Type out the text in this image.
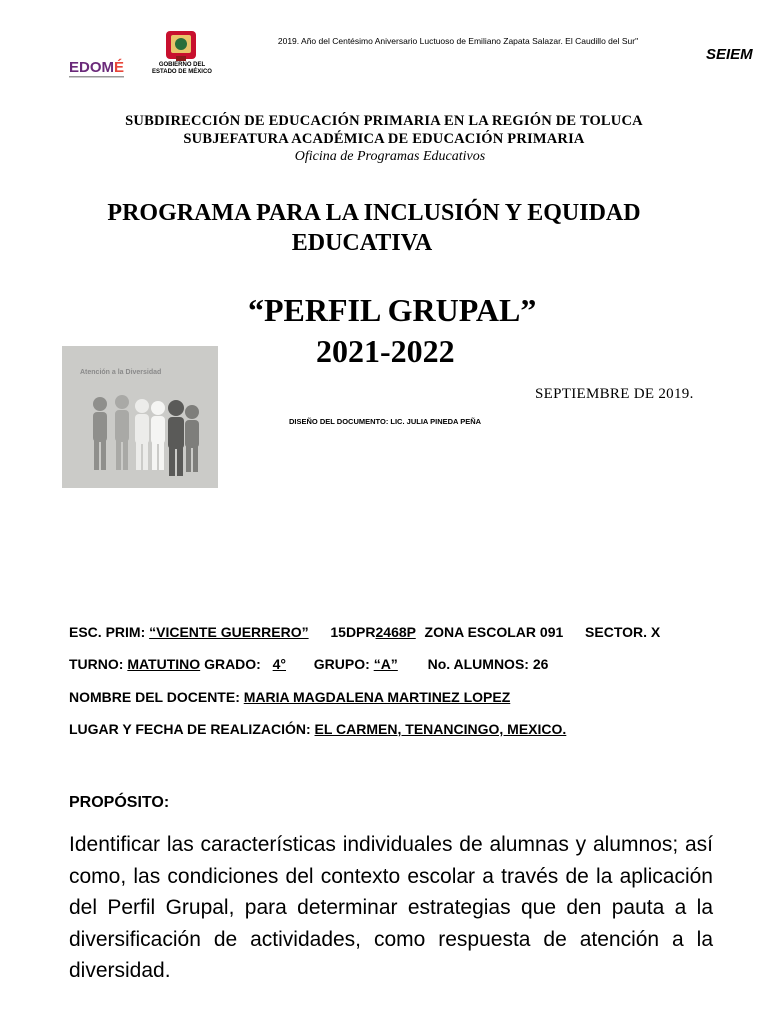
EDOM É	GOBIERNO DEL
ESTADO DE MÉXICO
2019. Año del Centésimo Aniversario Luctuoso de Emiliano Zapata Salazar. El Caudillo del Sur"
SEIEM
SUBDIRECCIÓN DE EDUCACIÓN PRIMARIA EN LA REGIÓN DE TOLUCA
SUBJEFATURA ACADÉMICA DE EDUCACIÓN PRIMARIA
Oficina de Programas Educativos
PROGRAMA PARA LA INCLUSIÓN Y EQUIDAD
EDUCATIVA
“PERFIL GRUPAL”
2021-2022
Atención a la Diversidad
SEPTIEMBRE DE 2019.
DISEÑO DEL DOCUMENTO: LIC. JULIA PINEDA PEÑA
ESC. PRIM: “VICENTE GUERRERO” 15DPR2468P ZONA ESCOLAR 091 SECTOR. X
TURNO: MATUTINO GRADO: 4° GRUPO: “A” No. ALUMNOS: 26
NOMBRE DEL DOCENTE: MARIA MAGDALENA MARTINEZ LOPEZ
LUGAR Y FECHA DE REALIZACIÓN: EL CARMEN, TENANCINGO, MEXICO.
PROPÓSITO:
Identificar las características individuales de alumnas y alumnos; así como, las condiciones del contexto escolar a través de la aplicación del Perfil Grupal, para determinar estrategias que den pauta a la diversificación de actividades, como respuesta de atención a la diversidad.
